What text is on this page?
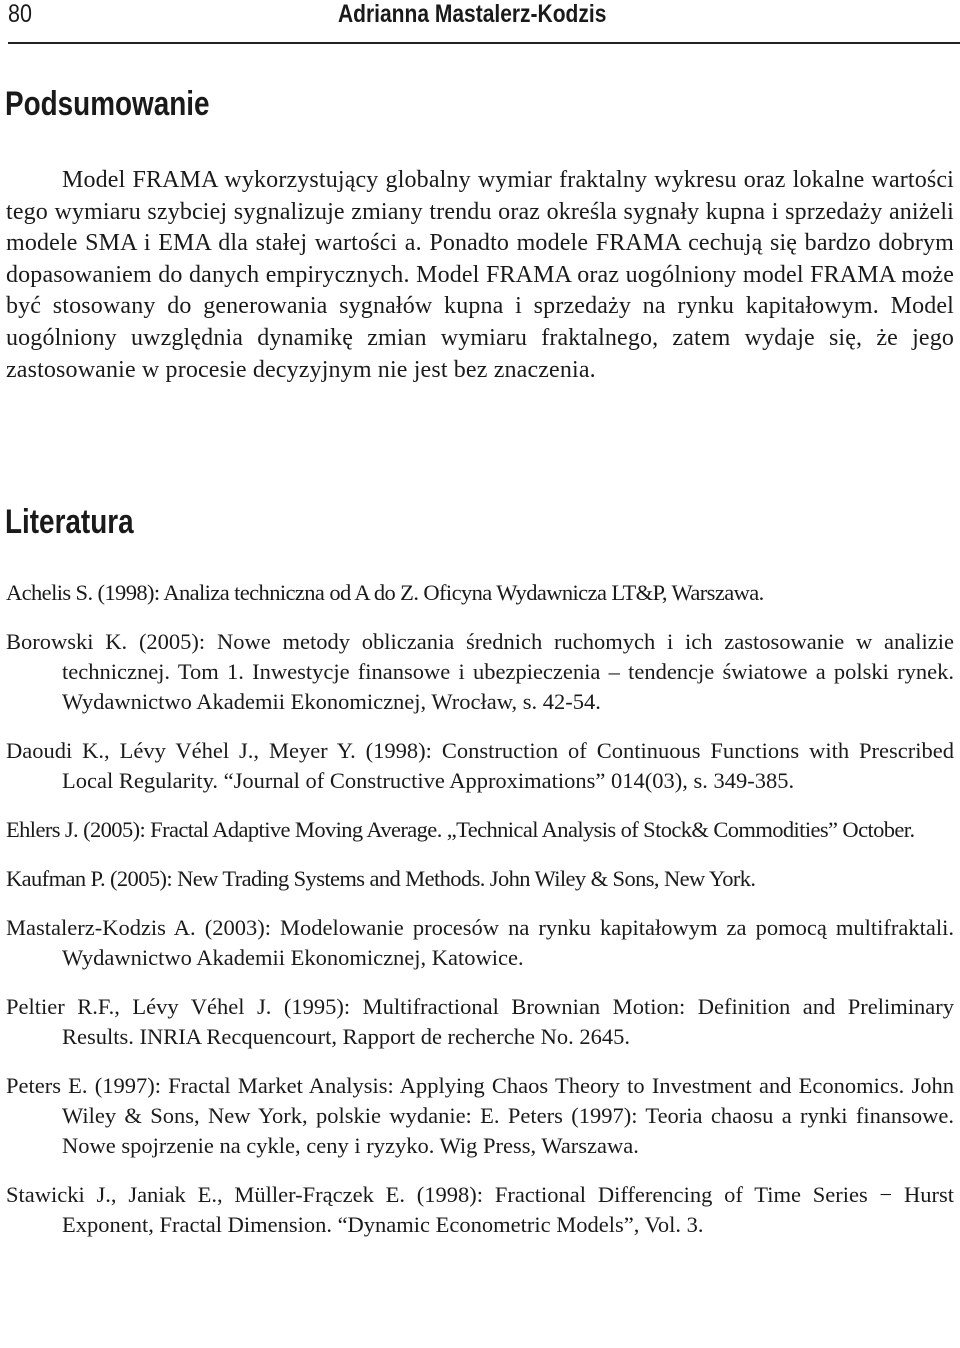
80	Adrianna Mastalerz-Kodzis
Podsumowanie

Model FRAMA wykorzystujący globalny wymiar fraktalny wykresu oraz lokalne wartości tego wymiaru szybciej sygnalizuje zmiany trendu oraz określa sygnały kupna i sprzedaży aniżeli modele SMA i EMA dla stałej wartości a. Ponadto modele FRAMA cechują się bardzo dobrym dopasowaniem do danych empirycznych. Model FRAMA oraz uogólniony model FRAMA może być stosowany do generowania sygnałów kupna i sprzedaży na rynku kapitałowym. Model uogólniony uwzględnia dynamikę zmian wymiaru fraktalnego, zatem wydaje się, że jego zastosowanie w procesie decyzyjnym nie jest bez znaczenia.

Literatura
Achelis S. (1998): Analiza techniczna od A do Z. Oficyna Wydawnicza LT&P, Warszawa.
Borowski K. (2005): Nowe metody obliczania średnich ruchomych i ich zastosowanie w analizie technicznej. Tom 1. Inwestycje finansowe i ubezpieczenia – tendencje światowe a polski rynek. Wydawnictwo Akademii Ekonomicznej, Wrocław, s. 42-54.
Daoudi K., Lévy Véhel J., Meyer Y. (1998): Construction of Continuous Functions with Prescribed Local Regularity. “Journal of Constructive Approximations” 014(03), s. 349-385.
Ehlers J. (2005): Fractal Adaptive Moving Average. „Technical Analysis of Stock& Commodities” October.
Kaufman P. (2005): New Trading Systems and Methods. John Wiley & Sons, New York.
Mastalerz-Kodzis A. (2003): Modelowanie procesów na rynku kapitałowym za pomocą multifraktali. Wydawnictwo Akademii Ekonomicznej, Katowice.
Peltier R.F., Lévy Véhel J. (1995): Multifractional Brownian Motion: Definition and Preliminary Results. INRIA Recquencourt, Rapport de recherche No. 2645.
Peters E. (1997): Fractal Market Analysis: Applying Chaos Theory to Investment and Economics. John Wiley & Sons, New York, polskie wydanie: E. Peters (1997): Teoria chaosu a rynki finansowe. Nowe spojrzenie na cykle, ceny i ryzyko. Wig Press, Warszawa.
Stawicki J., Janiak E., Müller-Frączek E. (1998): Fractional Differencing of Time Series − Hurst Exponent, Fractal Dimension. “Dynamic Econometric Models”, Vol. 3.
